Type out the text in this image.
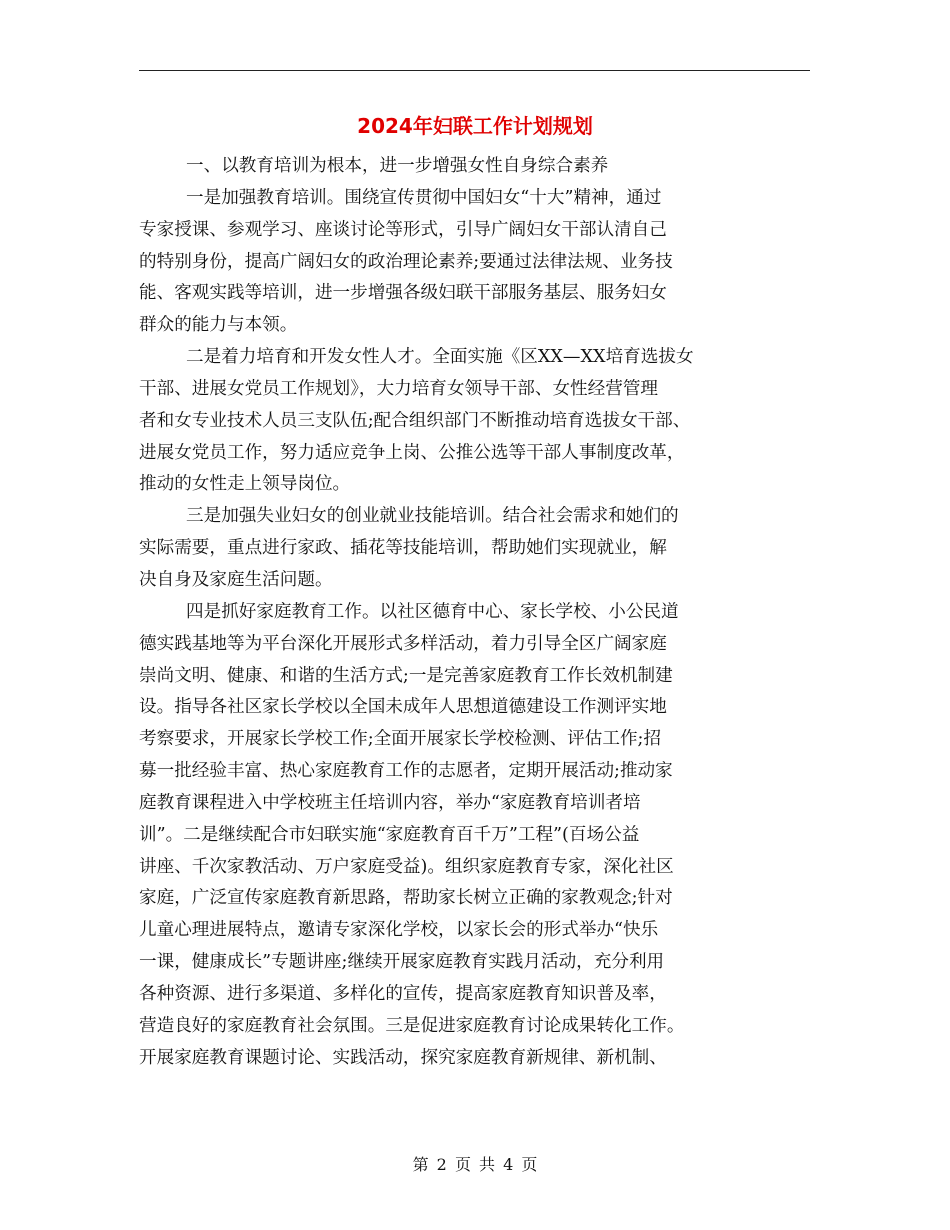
2024年妇联工作计划规划
一、以教育培训为根本，进一步增强女性自身综合素养
一是加强教育培训。围绕宣传贯彻中国妇女“十大”精神，通过
专家授课、参观学习、座谈讨论等形式，引导广阔妇女干部认清自己
的特别身份，提高广阔妇女的政治理论素养;要通过法律法规、业务技
能、客观实践等培训，进一步增强各级妇联干部服务基层、服务妇女
群众的能力与本领。
二是着力培育和开发女性人才。全面实施《区XX—XX培育选拔女
干部、进展女党员工作规划》，大力培育女领导干部、女性经营管理
者和女专业技术人员三支队伍;配合组织部门不断推动培育选拔女干部、
进展女党员工作，努力适应竞争上岗、公推公选等干部人事制度改革，
推动的女性走上领导岗位。
三是加强失业妇女的创业就业技能培训。结合社会需求和她们的
实际需要，重点进行家政、插花等技能培训，帮助她们实现就业，解
决自身及家庭生活问题。
四是抓好家庭教育工作。以社区德育中心、家长学校、小公民道
德实践基地等为平台深化开展形式多样活动，着力引导全区广阔家庭
崇尚文明、健康、和谐的生活方式;一是完善家庭教育工作长效机制建
设。指导各社区家长学校以全国未成年人思想道德建设工作测评实地
考察要求，开展家长学校工作;全面开展家长学校检测、评估工作;招
募一批经验丰富、热心家庭教育工作的志愿者，定期开展活动;推动家
庭教育课程进入中学校班主任培训内容，举办“家庭教育培训者培
训”。二是继续配合市妇联实施“家庭教育百千万”工程”(百场公益
讲座、千次家教活动、万户家庭受益)。组织家庭教育专家，深化社区
家庭，广泛宣传家庭教育新思路，帮助家长树立正确的家教观念;针对
儿童心理进展特点，邀请专家深化学校，以家长会的形式举办“快乐
一课，健康成长”专题讲座;继续开展家庭教育实践月活动，充分利用
各种资源、进行多渠道、多样化的宣传，提高家庭教育知识普及率，
营造良好的家庭教育社会氛围。三是促进家庭教育讨论成果转化工作。
开展家庭教育课题讨论、实践活动，探究家庭教育新规律、新机制、
第 2 页 共 4 页
